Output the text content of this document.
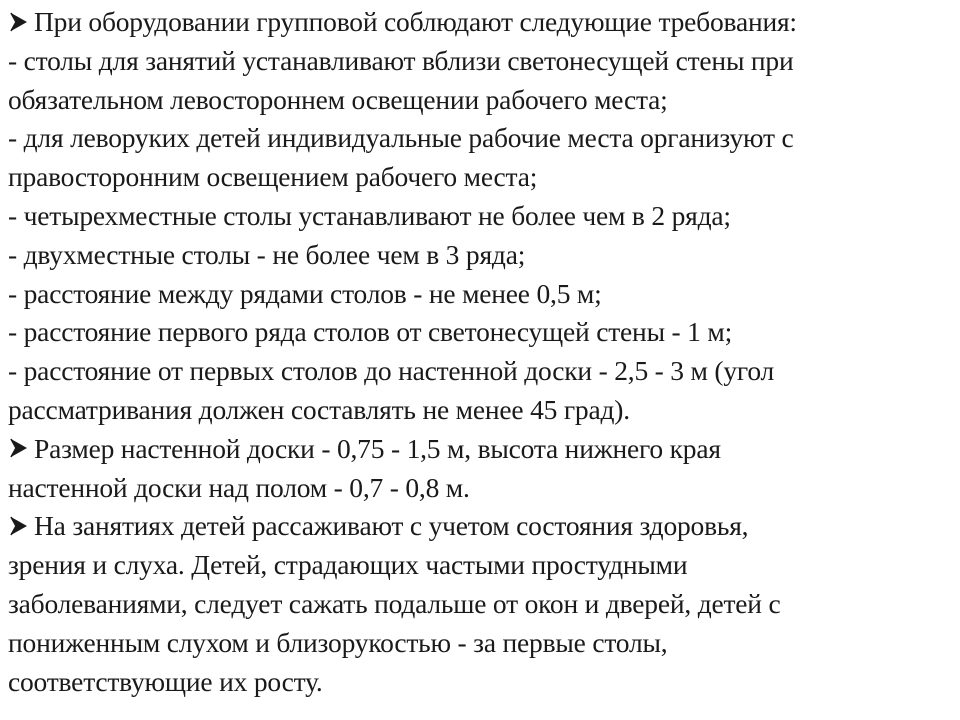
При оборудовании групповой соблюдают следующие требования:
- столы для занятий устанавливают вблизи светонесущей стены при
обязательном левостороннем освещении рабочего места;
- для леворуких детей индивидуальные рабочие места организуют с
правосторонним освещением рабочего места;
- четырехместные столы устанавливают не более чем в 2 ряда;
- двухместные столы - не более чем в 3 ряда;
- расстояние между рядами столов - не менее 0,5 м;
- расстояние первого ряда столов от светонесущей стены - 1 м;
- расстояние от первых столов до настенной доски - 2,5 - 3 м (угол
рассматривания должен составлять не менее 45 град).
Размер настенной доски - 0,75 - 1,5 м, высота нижнего края
настенной доски над полом - 0,7 - 0,8 м.
На занятиях детей рассаживают с учетом состояния здоровья,
зрения и слуха. Детей, страдающих частыми простудными
заболеваниями, следует сажать подальше от окон и дверей, детей с
пониженным слухом и близорукостью - за первые столы,
соответствующие их росту.
